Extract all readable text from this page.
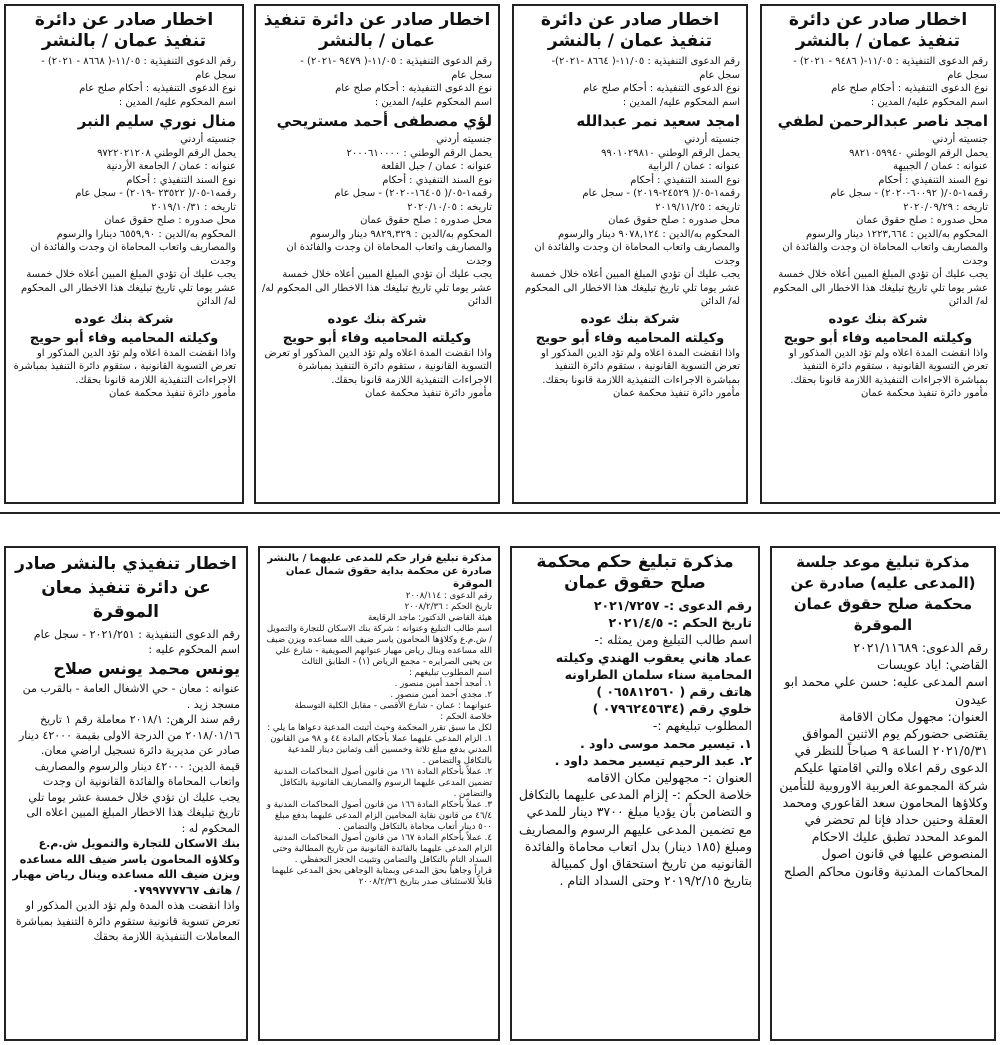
اخطار صادر عن دائرة تنفيذ عمان / بالنشر

رقم الدعوى التنفيذية : ١١/٠٥-( ٩٤٨٦ - ٢٠٢١) -

سجل عام

نوع الدعوى التنفيذيه : أحكام صلح عام

اسم المحكوم عليه/ المدين :

امجد ناصر عبدالرحمن لطفي

جنسيته أردني

يحمل الرقم الوطني ٩٨٢١٠٥٩٩٤٠

عنوانه : عمان / الجبيهة

نوع السند التنفيذي : أحكام

رقمه١-٠٥/( ٦٠٠٩٢-٢٠٢٠) - سجل عام

تاريخه : ٢٠٢٠/٠٩/٢٩

محل صدوره : صلح حقوق عمان

المحكوم به/الدين : ١٢٢٣,٦٦٤ دينار والرسوم

والمصاريف واتعاب المحاماة ان وجدت والفائدة ان وجدت

يجب عليك أن تؤدي المبلغ المبين أعلاه خلال خمسة عشر يوما تلي تاريخ تبليغك هذا الاخطار الى المحكوم له/ الدائن

شركة بنك عوده

وكيلته المحاميه وفاء أبو حويج

واذا انقضت المدة اعلاه ولم تؤد الدين المذكور او تعرض التسوية القانونية ، ستقوم دائرة التنفيذ بمباشرة الاجراءات التنفيذية اللازمة قانونا بحقك.

مأمور دائرة تنفيذ محكمة عمان

اخطار صادر عن دائرة تنفيذ عمان / بالنشر

رقم الدعوى التنفيذية : ١١/٠٥-( ٨٦٦٤ -٢٠٢١)-

سجل عام

نوع الدعوى التنفيذيه : أحكام صلح عام

اسم المحكوم عليه/ المدين :

امجد سعيد نمر عبدالله

جنسيته أردني

يحمل الرقم الوطني ٩٩٠١٠٢٩٨١٠

عنوانه : عمان / الرابية

نوع السند التنفيذي : أحكام

رقمه١-٠٥/( ٢٤٥٢٩-٢٠١٩) - سجل عام

تاريخه : ٢٠١٩/١١/٢٥

محل صدوره : صلح حقوق عمان

المحكوم به/الدين : ٩٠٧٨,١٢٤ دينار والرسوم

والمصاريف واتعاب المحاماة ان وجدت والفائدة ان وجدت

يجب عليك أن تؤدي المبلغ المبين أعلاه خلال خمسة عشر يوما تلي تاريخ تبليغك هذا الاخطار الى المحكوم له/ الدائن

شركة بنك عوده

وكيلته المحاميه وفاء أبو حويج

واذا انقضت المدة اعلاه ولم تؤد الدين المذكور او تعرض التسوية القانونية ، ستقوم دائرة التنفيذ بمباشرة الاجراءات التنفيذية اللازمة قانونا بحقك.

مأمور دائرة تنفيذ محكمة عمان

اخطار صادر عن دائرة تنفيذ عمان / بالنشر

رقم الدعوى التنفيذية : ١١/٠٥-( ٩٤٧٩ -٢٠٢١) -

سجل عام

نوع الدعوى التنفيذيه : أحكام صلح عام

اسم المحكوم عليه/ المدين :

لؤي مصطفى أحمد مستريحي

جنسيته أردني

يحمل الرقم الوطني : ٢٠٠٠٦١٠٠٠٠

عنوانه : عمان / جبل القلعة

نوع السند التنفيذي : أحكام

رقمه١-٠٥/( ١٦٤٠٥-٢٠٢٠) - سجل عام

تاريخه : ٢٠٢٠/١٠/٠٥

محل صدوره : صلح حقوق عمان

المحكوم به/الدين : ٩٨٢٩,٣٢٩ دينار والرسوم

والمصاريف واتعاب المحاماة ان وجدت والفائدة ان وجدت

يجب عليك أن تؤدي المبلغ المبين أعلاه خلال خمسة عشر يوما تلي تاريخ تبليغك هذا الاخطار الى المحكوم له/ الدائن

شركة بنك عوده

وكيلته المحاميه وفاء أبو حويج

واذا انقضت المدة اعلاه ولم تؤد الدين المذكور او تعرض التسوية القانونية ، ستقوم دائرة التنفيذ بمباشرة الاجراءات التنفيذية اللازمة قانونا بحقك.

مأمور دائرة تنفيذ محكمة عمان

اخطار صادر عن دائرة تنفيذ عمان / بالنشر

رقم الدعوى التنفيذية : ١١/٠٥-( ٨٦٦٨ - ٢٠٢١) -

سجل عام

نوع الدعوى التنفيذيه : أحكام صلح عام

اسم المحكوم عليه/ المدين :

منال نوري سليم النبر

جنسيته أردني

يحمل الرقم الوطني ٩٧٢٢٠٢١٢٠٨

عنوانه : عمان / الجامعة الأردنية

نوع السند التنفيذي : أحكام

رقمه١-٠٥/( ٢٣٥٢٢ -٢٠١٩) - سجل عام

تاريخه : ٢٠١٩/١٠/٣١

محل صدوره : صلح حقوق عمان

المحكوم به/الدين : ٦٥٥٩,٩٠ دينارا والرسوم والمصاريف واتعاب المحاماة ان وجدت والفائدة ان وجدت

يجب عليك أن تؤدي المبلغ المبين أعلاه خلال خمسة عشر يوما تلي تاريخ تبليغك هذا الاخطار الى المحكوم له/ الدائن

شركة بنك عوده

وكيلته المحاميه وفاء أبو حويج

واذا انقضت المدة اعلاه ولم تؤد الدين المذكور او تعرض التسوية القانونية ، ستقوم دائرة التنفيذ بمباشرة الاجراءات التنفيذية اللازمة قانونا بحقك.

مأمور دائرة تنفيذ محكمة عمان

مذكرة تبليغ موعد جلسة (المدعى عليه) صادرة عن محكمة صلح حقوق عمان الموقرة

رقم الدعوى: ٢٠٢١/١١٦٨٩

القاضي: اياد عويسات

اسم المدعى عليه: حسن علي محمد ابو عيدون

العنوان: مجهول مكان الاقامة

يقتضى حضوركم يوم الاثنين الموافق ٢٠٢١/٥/٣١ الساعة ٩ صباحاً للنظر في الدعوى رقم اعلاه والتي اقامتها عليكم شركة المجموعة العربية الاوروبية للتأمين وكلاؤها المحامون سعد القاعوري ومحمد العقلة وحنين حداد فإنا لم تحضر في الموعد المحدد تطبق عليك الاحكام المنصوص عليها في قانون اصول المحاكمات المدنية وقانون محاكم الصلح

مذكرة تبليغ حكم محكمة صلح حقوق عمان

رقم الدعوى :- ٢٠٢١/٧٢٥٧

تاريخ الحكم :- ٢٠٢١/٤/٥

اسم طالب التبليغ ومن يمثله :-

عماد هاني يعقوب الهندي وكيلته المحامية سناء سلمان الطراونه

هاتف رقم ( ٠٦٥٨١٢٥٦٠ )

خلوي رقم (٠٧٩٦٢٤٥٦٣٤ )

المطلوب تبليغهم :-

١. تيسير محمد موسى داود .

٢. عبد الرحيم تيسير محمد داود .

العنوان :- مجهولين مكان الاقامه

خلاصة الحكم :- إلزام المدعى عليهما بالتكافل و التضامن بأن يؤديا مبلغ ٣٧٠٠ دينار للمدعي مع تضمين المدعى عليهم الرسوم والمصاريف ومبلغ (١٨٥ دينار) بدل اتعاب محاماة والفائدة القانونيه من تاريخ استحقاق اول كمبيالة بتاريخ ٢٠١٩/٢/١٥ وحتى السداد التام .

مذكرة تبليغ قرار حكم للمدعى عليهما / بالنشر صادرة عن محكمة بداية حقوق شمال عمان الموقرة

رقم الدعوى : ٢٠٠٨/١١٤

تاريخ الحكم : ٢٠٠٨/٢/٣٦

هيئة القاضي الدكتور: ماجد الرقايعة

اسم طالب التبليغ وعنوانه : شركة بنك الاسكان للتجارة والتمويل / ش.م.ع وكلاؤها المحامون ياسر ضيف الله مساعده ويزن ضيف الله مساعده وبنال رياض مهيار عنوانهم الصويفية - شارع علي بن يحيى الصرايره - مجمع الرياض (١) - الطابق الثالث

اسم المطلوب تبليغهم :

١. أمجد أحمد أمين منصور .

٢. مجدي أحمد أمين منصور .

عنوانهما : عمان - شارع الأقصى - مقابل الكلية التوسطة

خلاصة الحكم :

لكل ما سبق تقرر المحكمة وحيث أثبتت المدعية دعواها ما يلي :

١. الزام المدعى عليهما عملا بأحكام المادة ٤٤ و ٩٨ من القانون المدني بدفع مبلغ ثلاثة وخمسين ألف وثمانين دينار للمدعية بالتكافل والتضامن .

٢. عملاً بأحكام المادة ١٦١ من قانون أصول المحاكمات المدنية تضمين المدعى عليهما الرسوم والمصاريف القانونية بالتكافل والتضامن .

٣. عملاً بأحكام المادة ١٦٦ من قانون أصول المحاكمات المدنية و ٤٦/٤ من قانون نقابة المحامين الزام المدعى عليهما بدفع مبلغ ٥٠٠ دينار أتعاب محاماة بالتكافل والتضامن .

٤. عملاً بأحكام المادة ١٦٧ من قانون أصول المحاكمات المدنية الزام المدعى عليهما بالفائدة القانونية من تاريخ المطالبة وحتى السداد التام بالتكافل والتضامن وتثبيت الحجز التحفظي .

قراراً وجاهياً بحق المدعى وبمثابة الوجاهي بحق المدعى عليهما قابلاً للاستئناف صدر بتاريخ ٢٠٠٨/٢/٣٦

اخطار تنفيذي بالنشر صادر عن دائرة تنفيذ معان الموقرة

رقم الدعوى التنفيذية : ٢٠٢١/٢٥١ - سجل عام

اسم المحكوم عليه :

يونس محمد يونس صلاح

عنوانه : معان - حي الاشغال العامة - بالقرب من مسجد زيد .

رقم سند الرهن: ٢٠١٨/١ معاملة رقم ١ تاريخ ٢٠١٨/٠١/١٦ من الدرجة الاولى بقيمة ٤٢٠٠٠ دينار صادر عن مديرية دائرة تسجيل اراضي معان.

قيمة الدين: ٤٢٠٠٠ دينار والرسوم والمصاريف واتعاب المحاماة والفائدة القانونية ان وجدت

يجب عليك ان تؤدي خلال خمسة عشر يوما تلي تاريخ تبليغك هذا الاخطار المبلغ المبين اعلاه الى المحكوم له :

بنك الاسكان للتجارة والتمويل ش.م.ع وكلاؤه المحامون ياسر ضيف الله مساعده ويزن ضيف الله مساعده وينال رياض مهيار / هاتف ٠٧٩٩٧٧٧٧٦٧

واذا انقضت هذه المدة ولم تؤد الدين المذكور او تعرض تسوية قانونية ستقوم دائرة التنفيذ بمباشرة المعاملات التنفيذية اللازمة بحقك
